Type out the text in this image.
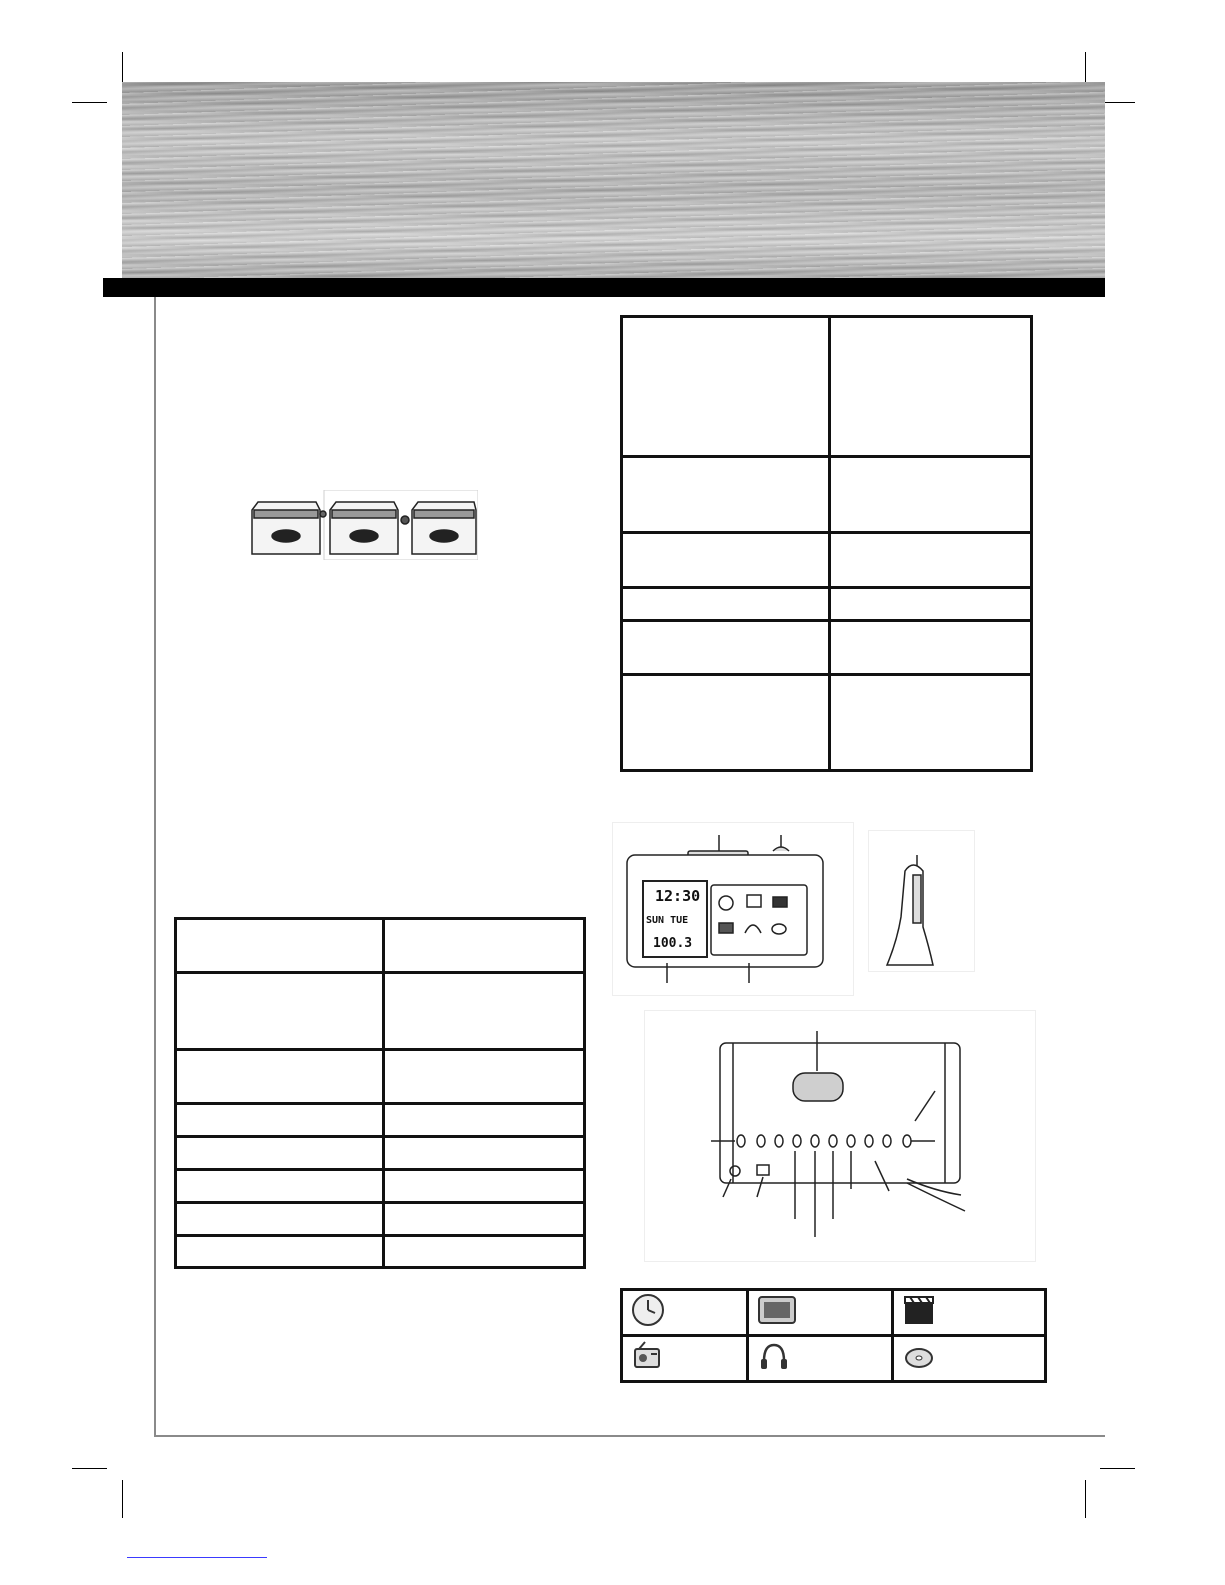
12:30
SUN TUE
100.3
